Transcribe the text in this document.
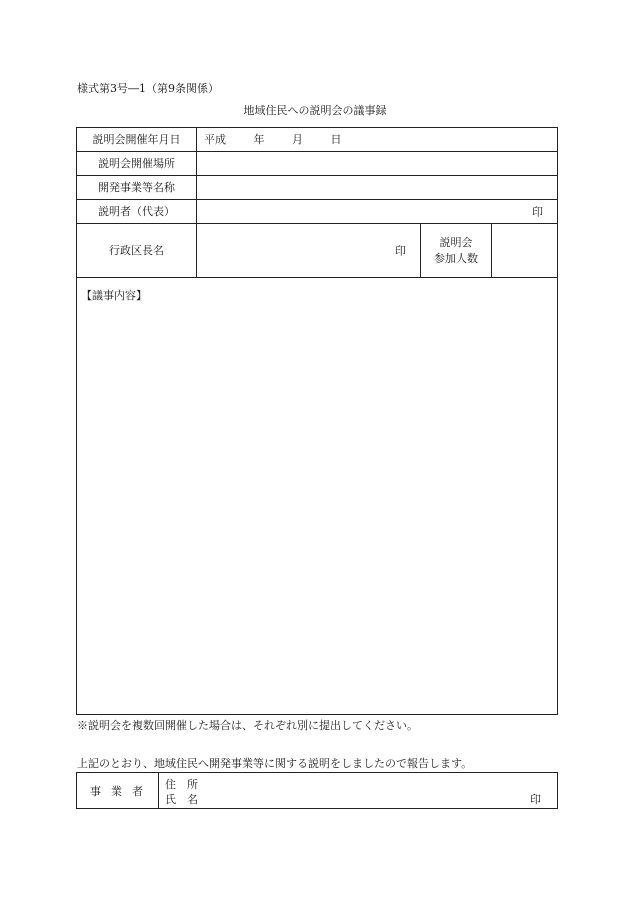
様式第3号―1（第9条関係）
地域住民への説明会の議事録
説明会開催年月日	平成 年 月 日		
説明会開催場所			
開発事業等名称			
説明者（代表）	印		

行政区長名	印	説明会
参加人数	

【議事内容】			
※説明会を複数回開催した場合は、それぞれ別に提出してください。
上記のとおり、地域住民へ開発事業等に関する説明をしましたので報告します。
事業者	住　所
氏　名	印
